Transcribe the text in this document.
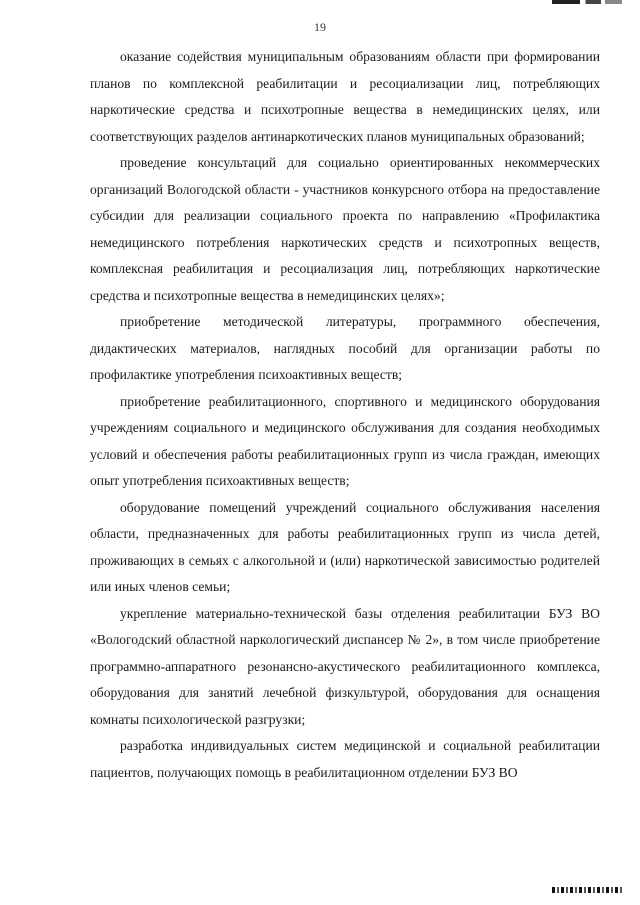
19

оказание содействия муниципальным образованиям области при формировании планов по комплексной реабилитации и ресоциализации лиц, потребляющих наркотические средства и психотропные вещества в немедицинских целях, или соответствующих разделов антинаркотических планов муниципальных образований;

проведение консультаций для социально ориентированных некоммерческих организаций Вологодской области - участников конкурсного отбора на предоставление субсидии для реализации социального проекта по направлению «Профилактика немедицинского потребления наркотических средств и психотропных веществ, комплексная реабилитация и ресоциализация лиц, потребляющих наркотические средства и психотропные вещества в немедицинских целях»;

приобретение методической литературы, программного обеспечения, дидактических материалов, наглядных пособий для организации работы по профилактике употребления психоактивных веществ;

приобретение реабилитационного, спортивного и медицинского оборудования учреждениям социального и медицинского обслуживания для создания необходимых условий и обеспечения работы реабилитационных групп из числа граждан, имеющих опыт употребления психоактивных веществ;

оборудование помещений учреждений социального обслуживания населения области, предназначенных для работы реабилитационных групп из числа детей, проживающих в семьях с алкогольной и (или) наркотической зависимостью родителей или иных членов семьи;

укрепление материально-технической базы отделения реабилитации БУЗ ВО «Вологодский областной наркологический диспансер № 2», в том числе приобретение программно-аппаратного резонансно-акустического реабилитационного комплекса, оборудования для занятий лечебной физкультурой, оборудования для оснащения комнаты психологической разгрузки;

разработка индивидуальных систем медицинской и социальной реабилитации пациентов, получающих помощь в реабилитационном отделении БУЗ ВО
